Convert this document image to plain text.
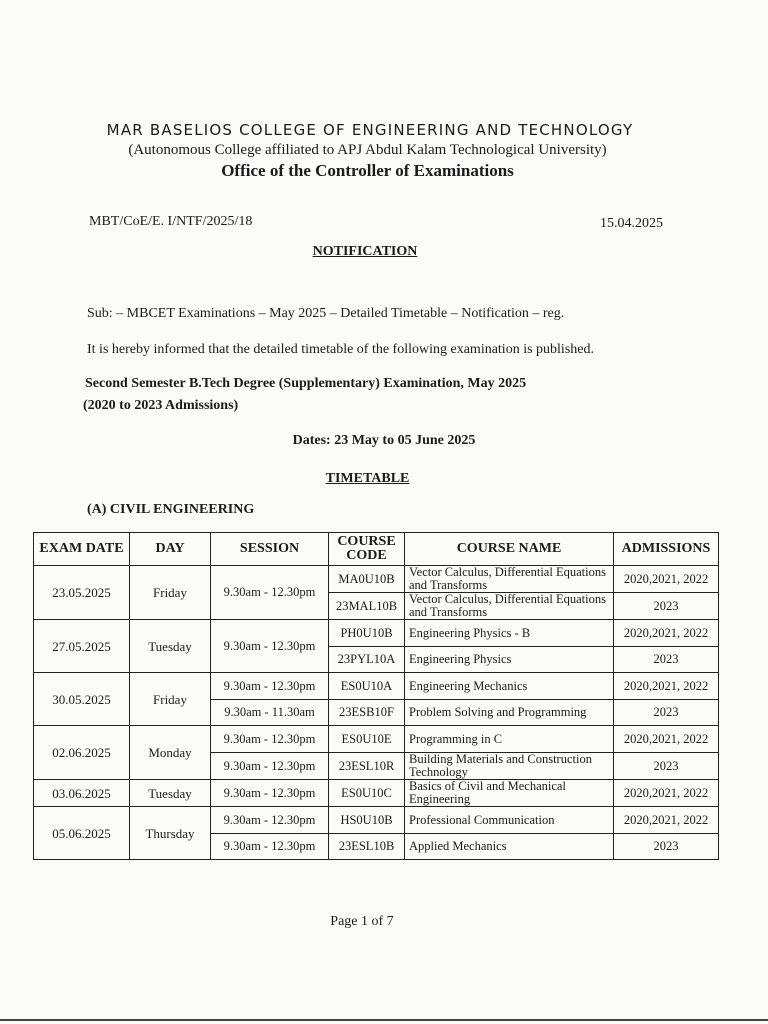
MAR BASELIOS COLLEGE OF ENGINEERING AND TECHNOLOGY
(Autonomous College affiliated to APJ Abdul Kalam Technological University)
Office of the Controller of Examinations
MBT/CoE/E. I/NTF/2025/18	15.04.2025
NOTIFICATION
Sub: – MBCET Examinations – May 2025 – Detailed Timetable – Notification – reg.
It is hereby informed that the detailed timetable of the following examination is published.
Second Semester B.Tech Degree (Supplementary) Examination, May 2025
(2020 to 2023 Admissions)
Dates: 23 May to 05 June 2025
TIMETABLE
(A) CIVIL ENGINEERING
EXAM DATE	DAY	SESSION	COURSE CODE	COURSE NAME	ADMISSIONS
23.05.2025	Friday	9.30am - 12.30pm	MA0U10B	Vector Calculus, Differential Equations and Transforms	2020,2021, 2022
			23MAL10B	Vector Calculus, Differential Equations and Transforms	2023
27.05.2025	Tuesday	9.30am - 12.30pm	PH0U10B	Engineering Physics - B	2020,2021, 2022
			23PYL10A	Engineering Physics	2023
30.05.2025	Friday	9.30am - 12.30pm	ES0U10A	Engineering Mechanics	2020,2021, 2022
		9.30am - 11.30am	23ESB10F	Problem Solving and Programming	2023
02.06.2025	Monday	9.30am - 12.30pm	ES0U10E	Programming in C	2020,2021, 2022
		9.30am - 12.30pm	23ESL10R	Building Materials and Construction Technology	2023
03.06.2025	Tuesday	9.30am - 12.30pm	ES0U10C	Basics of Civil and Mechanical Engineering	2020,2021, 2022
05.06.2025	Thursday	9.30am - 12.30pm	HS0U10B	Professional Communication	2020,2021, 2022
		9.30am - 12.30pm	23ESL10B	Applied Mechanics	2023
Page 1 of 7
